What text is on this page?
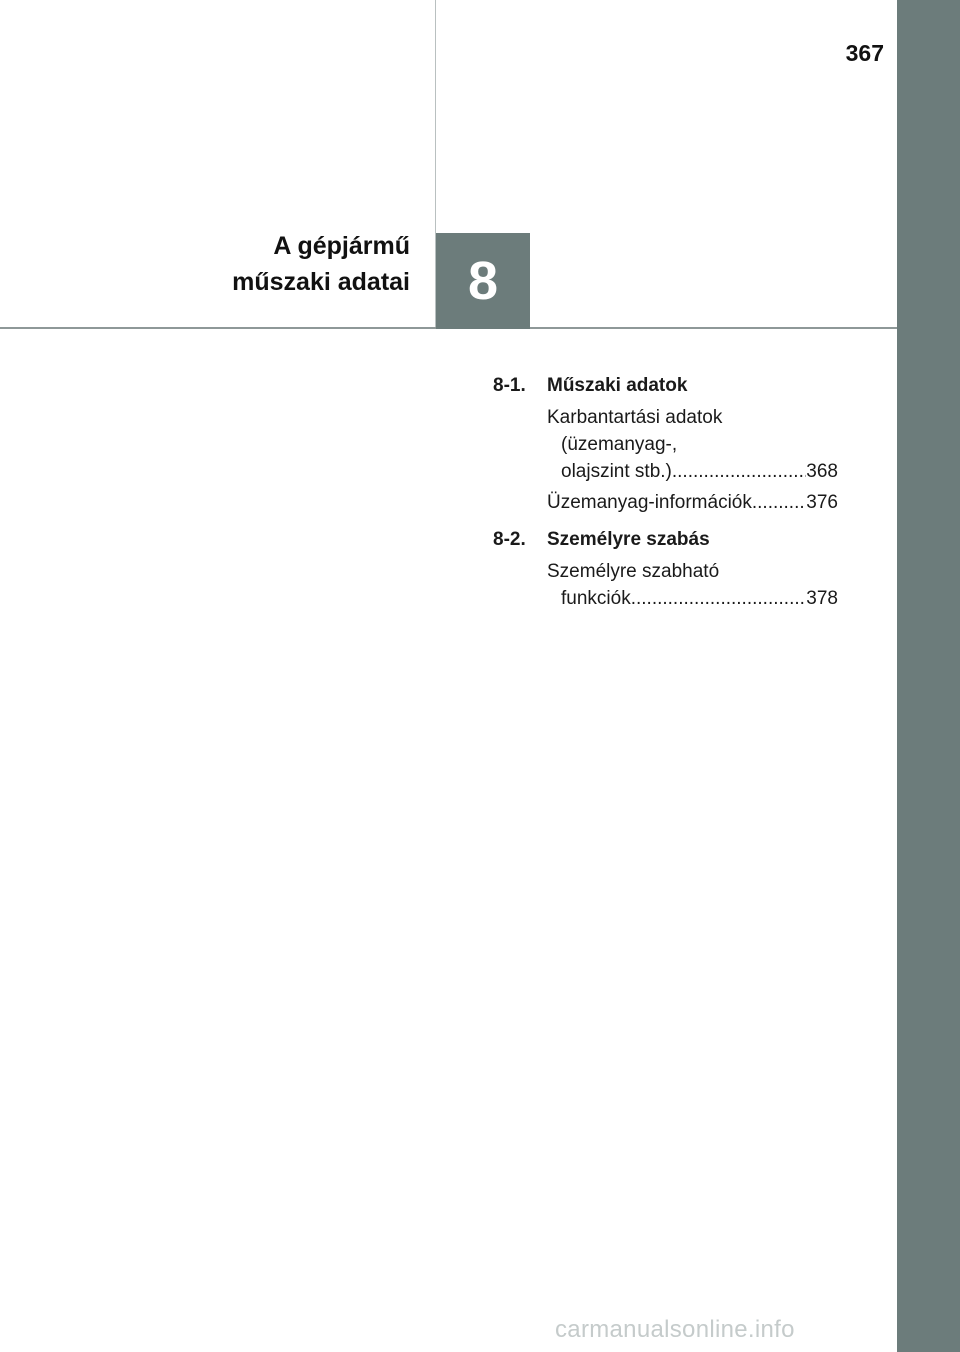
367
A gépjármű
műszaki adatai 8
8-1.	Műszaki adatok
Karbantartási adatok
(üzemanyag-,
olajszint stb.) .....	368
Üzemanyag-információk .....	376
8-2.	Személyre szabás
Személyre szabható
funkciók .....	378
carmanualsonline.info
